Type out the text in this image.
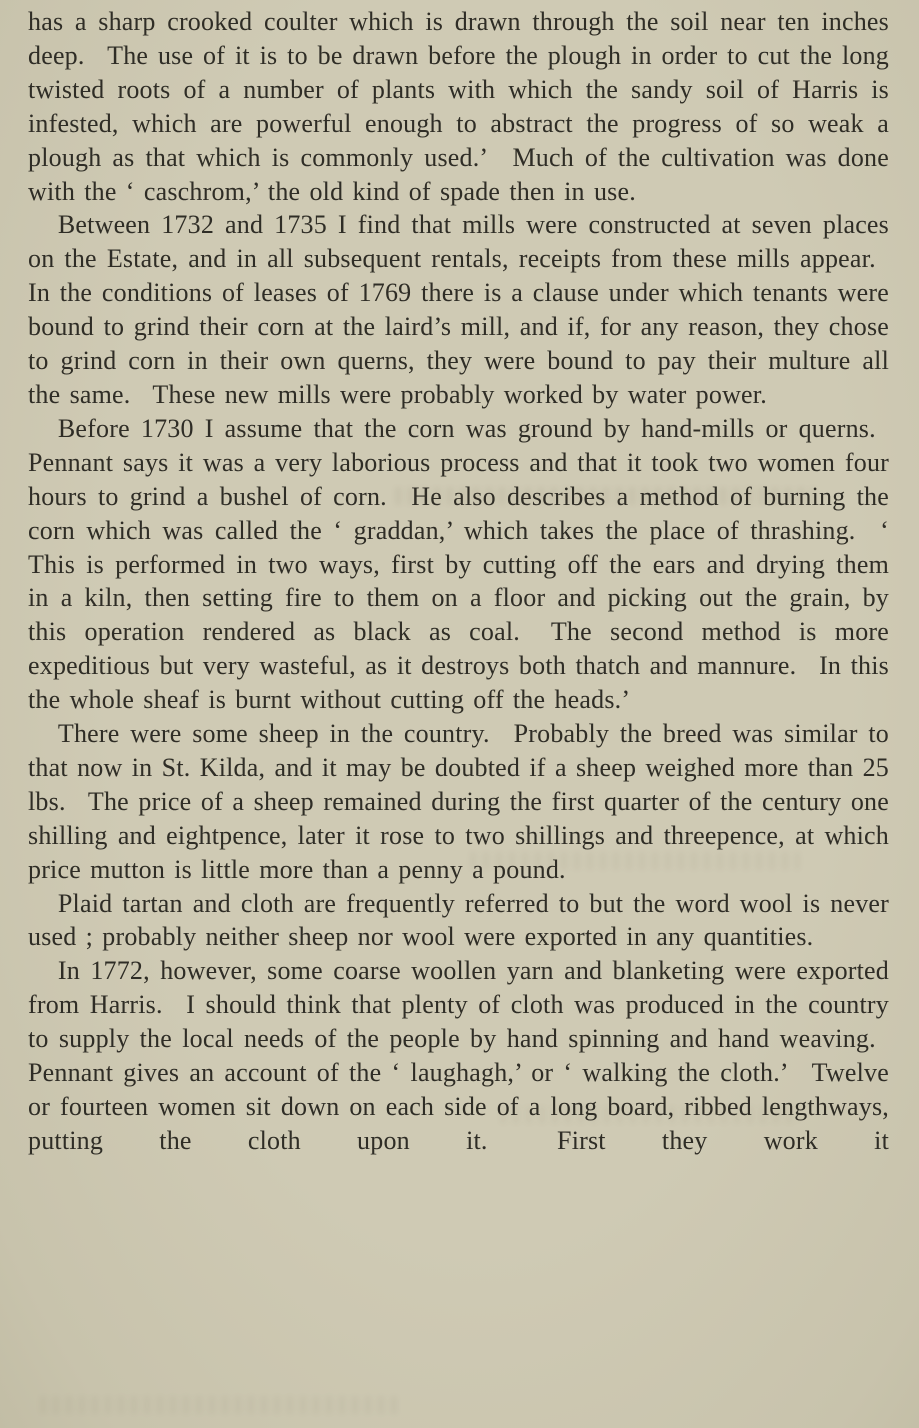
has a sharp crooked coulter which is drawn through the soil near ten inches deep.  The use of it is to be drawn before the plough in order to cut the long twisted roots of a number of plants with which the sandy soil of Harris is infested, which are powerful enough to abstract the progress of so weak a plough as that which is commonly used.’  Much of the cultivation was done with the ‘ caschrom,’ the old kind of spade then in use.

Between 1732 and 1735 I find that mills were constructed at seven places on the Estate, and in all subsequent rentals, receipts from these mills appear.  In the conditions of leases of 1769 there is a clause under which tenants were bound to grind their corn at the laird’s mill, and if, for any reason, they chose to grind corn in their own querns, they were bound to pay their multure all the same.  These new mills were probably worked by water power.

Before 1730 I assume that the corn was ground by hand-mills or querns.  Pennant says it was a very laborious process and that it took two women four hours to grind a bushel of corn.  He also describes a method of burning the corn which was called the ‘ graddan,’ which takes the place of thrashing.  ‘ This is performed in two ways, first by cutting off the ears and drying them in a kiln, then setting fire to them on a floor and picking out the grain, by this operation rendered as black as coal.  The second method is more expeditious but very wasteful, as it destroys both thatch and mannure.  In this the whole sheaf is burnt without cutting off the heads.’

There were some sheep in the country.  Probably the breed was similar to that now in St. Kilda, and it may be doubted if a sheep weighed more than 25 lbs.  The price of a sheep remained during the first quarter of the century one shilling and eightpence, later it rose to two shillings and threepence, at which price mutton is little more than a penny a pound.

Plaid tartan and cloth are frequently referred to but the word wool is never used ; probably neither sheep nor wool were exported in any quantities.

In 1772, however, some coarse woollen yarn and blanketing were exported from Harris.  I should think that plenty of cloth was produced in the country to supply the local needs of the people by hand spinning and hand weaving.  Pennant gives an account of the ‘ laughagh,’ or ‘ walking the cloth.’  Twelve or fourteen women sit down on each side of a long board, ribbed lengthways, putting the cloth upon it.  First they work it
